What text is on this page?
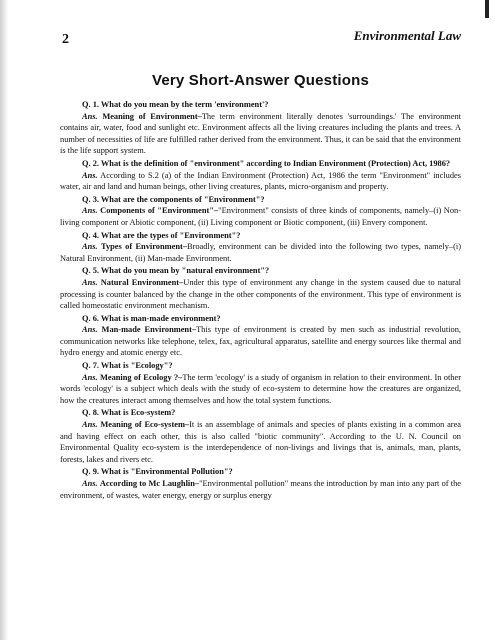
2	Environmental Law
Very Short-Answer Questions

Q. 1. What do you mean by the term 'environment'?

Ans. Meaning of Environment–The term environment literally denotes 'surroundings.' The environment contains air, water, food and sunlight etc. Environment affects all the living creatures including the plants and trees. A number of necessities of life are fulfilled rather derived from the environment. Thus, it can be said that the environment is the life support system.

Q. 2. What is the definition of "environment" according to Indian Environment (Protection) Act, 1986?

Ans. According to S.2 (a) of the Indian Environment (Protection) Act, 1986 the term "Environment" includes water, air and land and human beings, other living creatures, plants, micro-organism and property.

Q. 3. What are the components of "Environment"?

Ans. Components of "Environment"–"Environment" consists of three kinds of components, namely–(i) Non-living component or Abiotic component, (ii) Living component or Biotic component, (iii) Envery component.

Q. 4. What are the types of "Environment"?

Ans. Types of Environment–Broadly, environment can be divided into the following two types, namely–(i) Natural Environment, (ii) Man-made Environment.

Q. 5. What do you mean by "natural environment"?

Ans. Natural Environment–Under this type of environment any change in the system caused due to natural processing is counter balanced by the change in the other components of the environment. This type of environment is called homeostatic environment mechanism.

Q. 6. What is man-made environment?

Ans. Man-made Environment–This type of environment is created by men such as industrial revolution, communication networks like telephone, telex, fax, agricultural apparatus, satellite and energy sources like thermal and hydro energy and atomic energy etc.

Q. 7. What is "Ecology"?

Ans. Meaning of Ecology ?–The term 'ecology' is a study of organism in relation to their environment. In other words 'ecology' is a subject which deals with the study of eco-system to determine how the creatures are organized, how the creatures interact among themselves and how the total system functions.

Q. 8. What is Eco-system?

Ans. Meaning of Eco-system–It is an assemblage of animals and species of plants existing in a common area and having effect on each other, this is also called "biotic community". According to the U. N. Council on Environmental Quality eco-system is the interdependence of non-livings and livings that is, animals, man, plants, forests, lakes and rivers etc.

Q. 9. What is "Environmental Pollution"?

Ans. According to Mc Laughlin–"Environmental pollution" means the introduction by man into any part of the environment, of wastes, water energy, energy or surplus energy
